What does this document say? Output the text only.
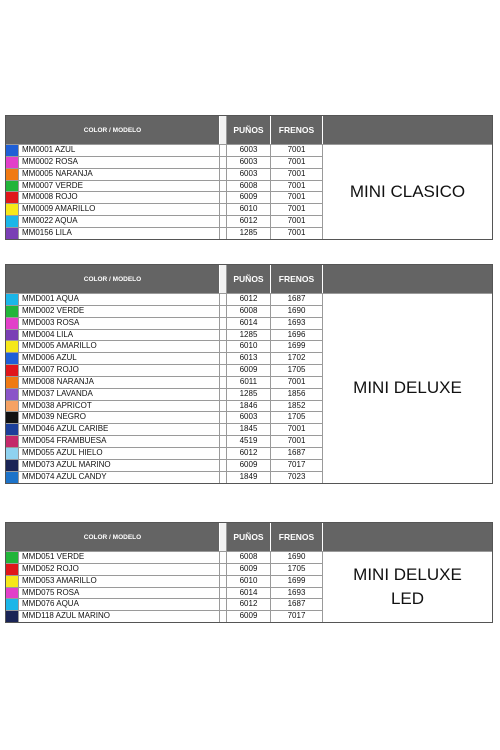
COLOR / MODELO	PUÑOS	FRENOS
MM0001 AZUL	6003	7001
MM0002 ROSA	6003	7001
MM0005 NARANJA	6003	7001
MM0007 VERDE	6008	7001
MM0008 ROJO	6009	7001
MM0009 AMARILLO	6010	7001
MM0022 AQUA	6012	7001
MM0156 LILA	1285	7001
MINI CLASICO
COLOR / MODELO	PUÑOS	FRENOS
MMD001 AQUA	6012	1687
MMD002 VERDE	6008	1690
MMD003 ROSA	6014	1693
MMD004 LILA	1285	1696
MMD005 AMARILLO	6010	1699
MMD006 AZUL	6013	1702
MMD007 ROJO	6009	1705
MMD008 NARANJA	6011	7001
MMD037 LAVANDA	1285	1856
MMD038 APRICOT	1846	1852
MMD039 NEGRO	6003	1705
MMD046 AZUL CARIBE	1845	7001
MMD054 FRAMBUESA	4519	7001
MMD055 AZUL HIELO	6012	1687
MMD073 AZUL MARINO	6009	7017
MMD074 AZUL CANDY	1849	7023
MINI DELUXE
COLOR / MODELO	PUÑOS	FRENOS
MMD051 VERDE	6008	1690
MMD052 ROJO	6009	1705
MMD053 AMARILLO	6010	1699
MMD075 ROSA	6014	1693
MMD076 AQUA	6012	1687
MMD118 AZUL MARINO	6009	7017
MINI DELUXE LED
